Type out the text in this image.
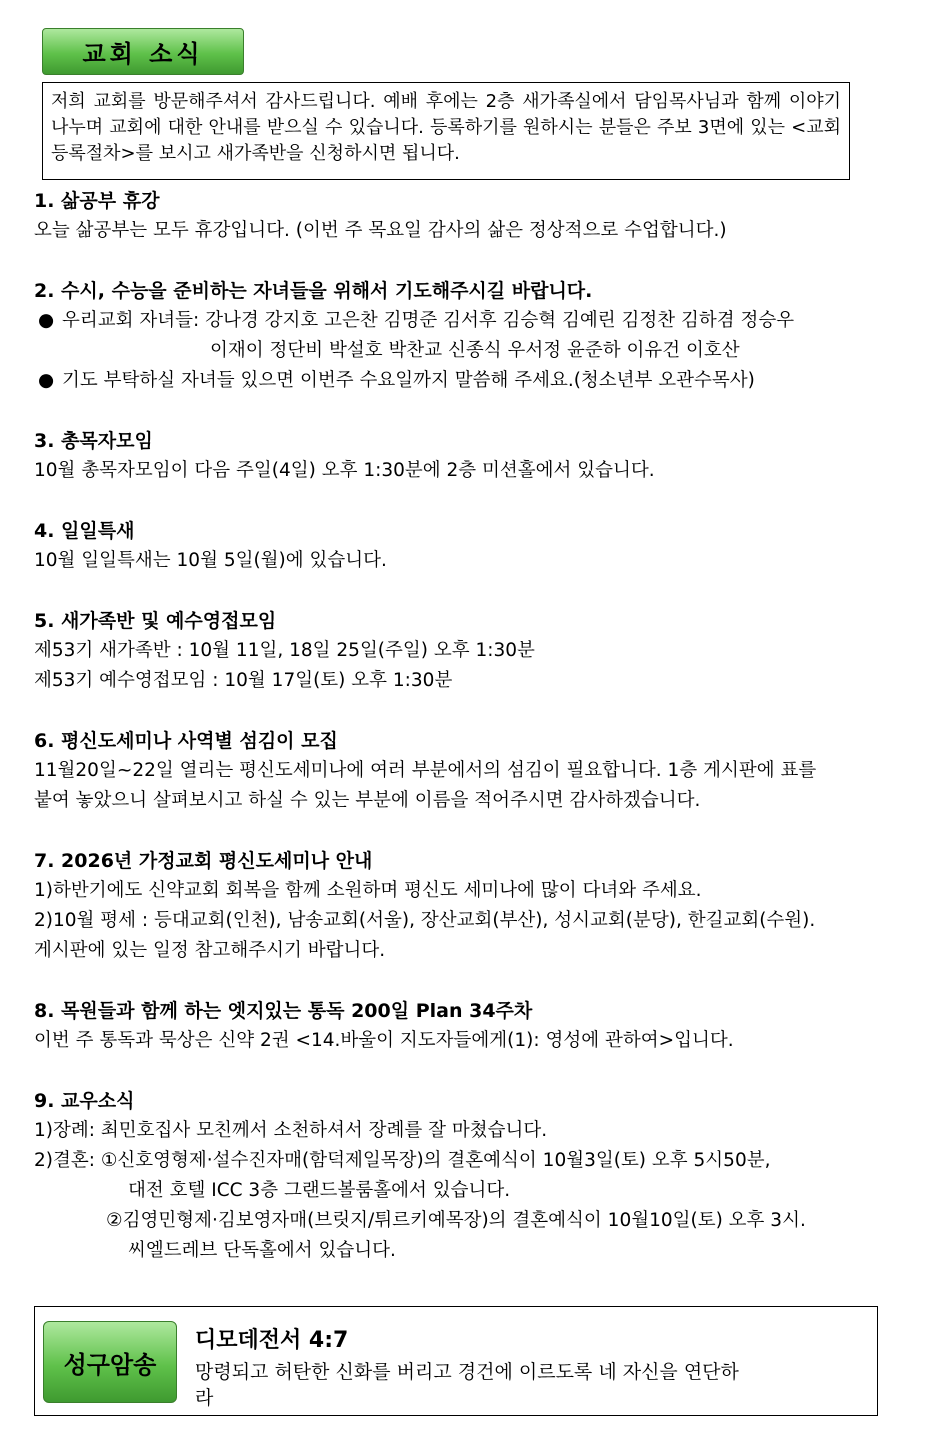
교회 소식
저희 교회를 방문해주셔서 감사드립니다. 예배 후에는 2층 새가족실에서 담임목사님과 함께 이야기 나누며 교회에 대한 안내를 받으실 수 있습니다. 등록하기를 원하시는 분들은 주보 3면에 있는 <교회등록절차>를 보시고 새가족반을 신청하시면 됩니다.

1. 삶공부 휴강

오늘 삶공부는 모두 휴강입니다. (이번 주 목요일 감사의 삶은 정상적으로 수업합니다.)

2. 수시, 수능을 준비하는 자녀들을 위해서 기도해주시길 바랍니다.

● 우리교회 자녀들: 강나경 강지호 고은찬 김명준 김서후 김승혁 김예린 김정찬 김하겸 정승우

이재이 정단비 박설호 박찬교 신종식 우서정 윤준하 이유건 이호산

● 기도 부탁하실 자녀들 있으면 이번주 수요일까지 말씀해 주세요.(청소년부 오관수목사)

3. 총목자모임

10월 총목자모임이 다음 주일(4일) 오후 1:30분에 2층 미션홀에서 있습니다.

4. 일일특새

10월 일일특새는 10월 5일(월)에 있습니다.

5. 새가족반 및 예수영접모임

제53기 새가족반 : 10월 11일, 18일 25일(주일) 오후 1:30분

제53기 예수영접모임 : 10월 17일(토) 오후 1:30분

6. 평신도세미나 사역별 섬김이 모집

11월20일~22일 열리는 평신도세미나에 여러 부분에서의 섬김이 필요합니다. 1층 게시판에 표를

붙여 놓았으니 살펴보시고 하실 수 있는 부분에 이름을 적어주시면 감사하겠습니다.

7. 2026년 가정교회 평신도세미나 안내

1)하반기에도 신약교회 회복을 함께 소원하며 평신도 세미나에 많이 다녀와 주세요.

2)10월 평세 : 등대교회(인천), 남송교회(서울), 장산교회(부산), 성시교회(분당), 한길교회(수원).

게시판에 있는 일정 참고해주시기 바랍니다.

8. 목원들과 함께 하는 엣지있는 통독 200일 Plan 34주차

이번 주 통독과 묵상은 신약 2권 <14.바울이 지도자들에게(1): 영성에 관하여>입니다.

9. 교우소식

1)장례: 최민호집사 모친께서 소천하셔서 장례를 잘 마쳤습니다.

2)결혼: ①신호영형제·설수진자매(함덕제일목장)의 결혼예식이 10월3일(토) 오후 5시50분,

대전 호텔 ICC 3층 그랜드볼룸홀에서 있습니다.

②김영민형제·김보영자매(브릿지/튀르키예목장)의 결혼예식이 10월10일(토) 오후 3시.

씨엘드레브 단독홀에서 있습니다.

성구암송
디모데전서 4:7
망령되고 허탄한 신화를 버리고 경건에 이르도록 네 자신을 연단하라
